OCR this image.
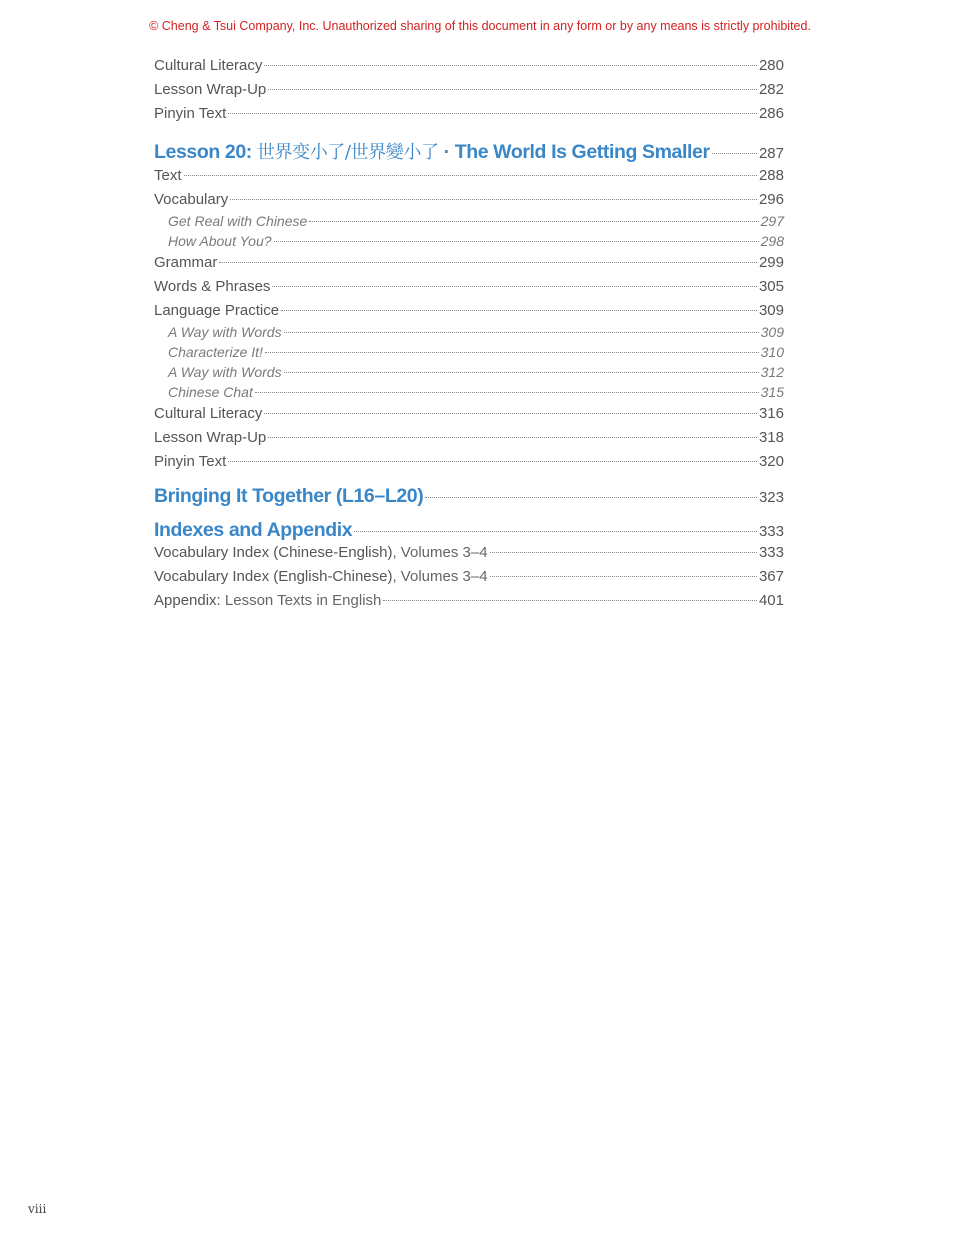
© Cheng & Tsui Company, Inc. Unauthorized sharing of this document in any form or by any means is strictly prohibited.
Cultural Literacy	280
Lesson Wrap-Up	282
Pinyin Text	286
Lesson 20: 世界变小了/世界變小了 · The World Is Getting Smaller	287
Text	288
Vocabulary	296
Get Real with Chinese	297
How About You?	298
Grammar	299
Words & Phrases	305
Language Practice	309
A Way with Words	309
Characterize It!	310
A Way with Words	312
Chinese Chat	315
Cultural Literacy	316
Lesson Wrap-Up	318
Pinyin Text	320
Bringing It Together (L16–L20)	323
Indexes and Appendix	333
Vocabulary Index (Chinese-English), Volumes 3–4	333
Vocabulary Index (English-Chinese), Volumes 3–4	367
Appendix: Lesson Texts in English	401
viii
